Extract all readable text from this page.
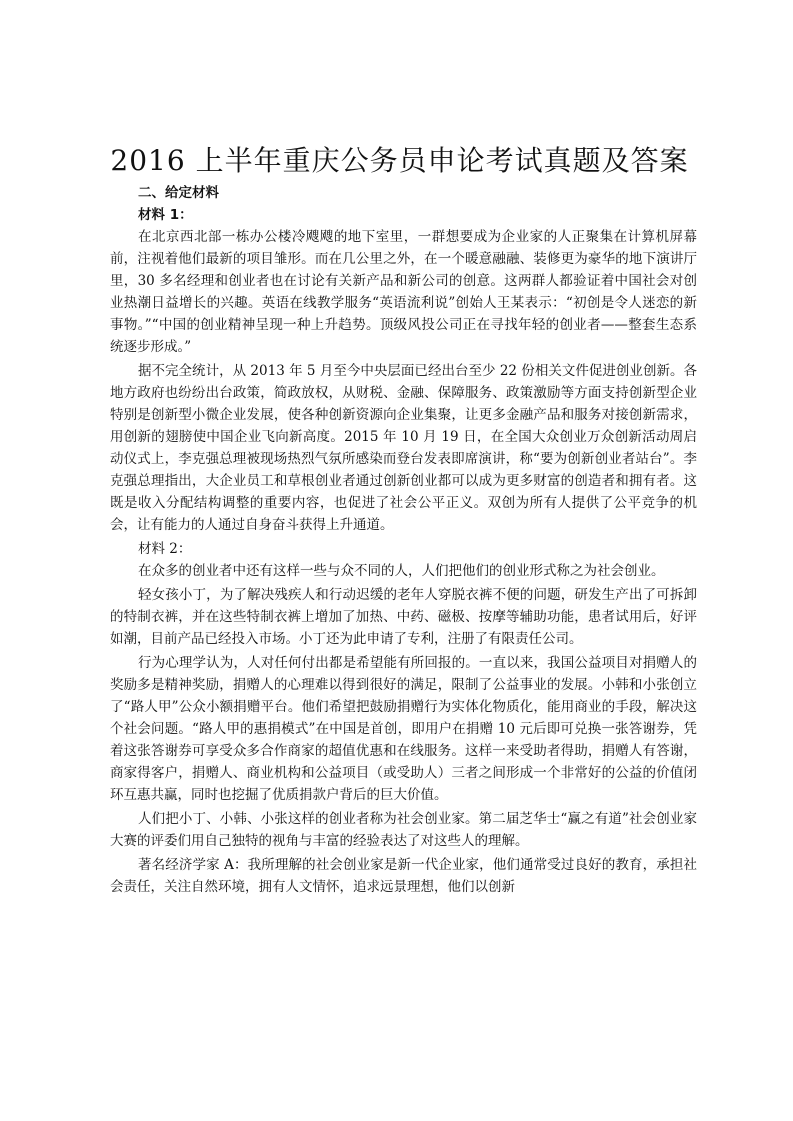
2016 上半年重庆公务员申论考试真题及答案
二、给定材料
材料 1：

在北京西北部一栋办公楼冷飕飕的地下室里，一群想要成为企业家的人正聚集在计算机屏幕前，注视着他们最新的项目雏形。而在几公里之外，在一个暖意融融、装修更为豪华的地下演讲厅里，30 多名经理和创业者也在讨论有关新产品和新公司的创意。这两群人都验证着中国社会对创业热潮日益增长的兴趣。英语在线教学服务“英语流利说”创始人王某表示：“初创是令人迷恋的新事物。”“中国的创业精神呈现一种上升趋势。顶级风投公司正在寻找年轻的创业者——整套生态系统逐步形成。”

据不完全统计，从 2013 年 5 月至今中央层面已经出台至少 22 份相关文件促进创业创新。各地方政府也纷纷出台政策，简政放权，从财税、金融、保障服务、政策激励等方面支持创新型企业特别是创新型小微企业发展，使各种创新资源向企业集聚，让更多金融产品和服务对接创新需求，用创新的翅膀使中国企业飞向新高度。2015 年 10 月 19 日，在全国大众创业万众创新活动周启动仪式上，李克强总理被现场热烈气氛所感染而登台发表即席演讲，称“要为创新创业者站台”。李克强总理指出，大企业员工和草根创业者通过创新创业都可以成为更多财富的创造者和拥有者。这既是收入分配结构调整的重要内容，也促进了社会公平正义。双创为所有人提供了公平竞争的机会，让有能力的人通过自身奋斗获得上升通道。

材料 2：

在众多的创业者中还有这样一些与众不同的人，人们把他们的创业形式称之为社会创业。

轻女孩小丁，为了解决残疾人和行动迟缓的老年人穿脱衣裤不便的问题，研发生产出了可拆卸的特制衣裤，并在这些特制衣裤上增加了加热、中药、磁极、按摩等辅助功能，患者试用后，好评如潮，目前产品已经投入市场。小丁还为此申请了专利，注册了有限责任公司。

行为心理学认为，人对任何付出都是希望能有所回报的。一直以来，我国公益项目对捐赠人的奖励多是精神奖励，捐赠人的心理难以得到很好的满足，限制了公益事业的发展。小韩和小张创立了“路人甲”公众小额捐赠平台。他们希望把鼓励捐赠行为实体化物质化，能用商业的手段，解决这个社会问题。“路人甲的惠捐模式”在中国是首创，即用户在捐赠 10 元后即可兑换一张答谢券，凭着这张答谢券可享受众多合作商家的超值优惠和在线服务。这样一来受助者得助，捐赠人有答谢，商家得客户，捐赠人、商业机构和公益项目（或受助人）三者之间形成一个非常好的公益的价值闭环互惠共赢，同时也挖掘了优质捐款户背后的巨大价值。

人们把小丁、小韩、小张这样的创业者称为社会创业家。第二届芝华士“赢之有道”社会创业家大赛的评委们用自己独特的视角与丰富的经验表达了对这些人的理解。

著名经济学家 A：我所理解的社会创业家是新一代企业家，他们通常受过良好的教育，承担社会责任，关注自然环境，拥有人文情怀，追求远景理想，他们以创新
